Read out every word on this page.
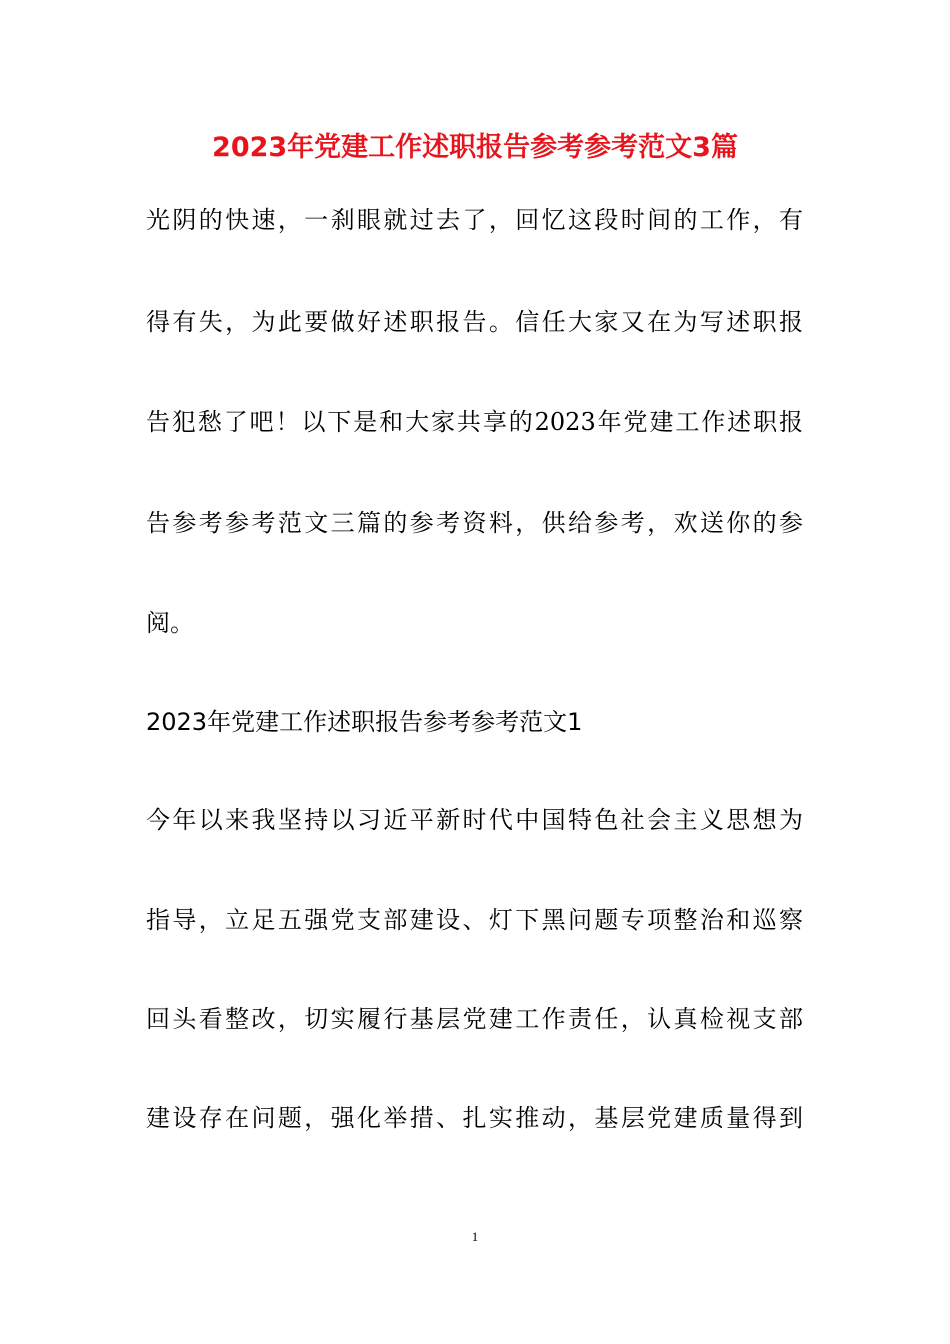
2023年党建工作述职报告参考参考范文3篇
光阴的快速，一刹眼就过去了，回忆这段时间的工作，有
得有失，为此要做好述职报告。信任大家又在为写述职报
告犯愁了吧！以下是和大家共享的2023年党建工作述职报
告参考参考范文三篇的参考资料，供给参考，欢送你的参
阅。
2023年党建工作述职报告参考参考范文1
今年以来我坚持以习近平新时代中国特色社会主义思想为
指导，立足五强党支部建设、灯下黑问题专项整治和巡察
回头看整改，切实履行基层党建工作责任，认真检视支部
建设存在问题，强化举措、扎实推动，基层党建质量得到
1
